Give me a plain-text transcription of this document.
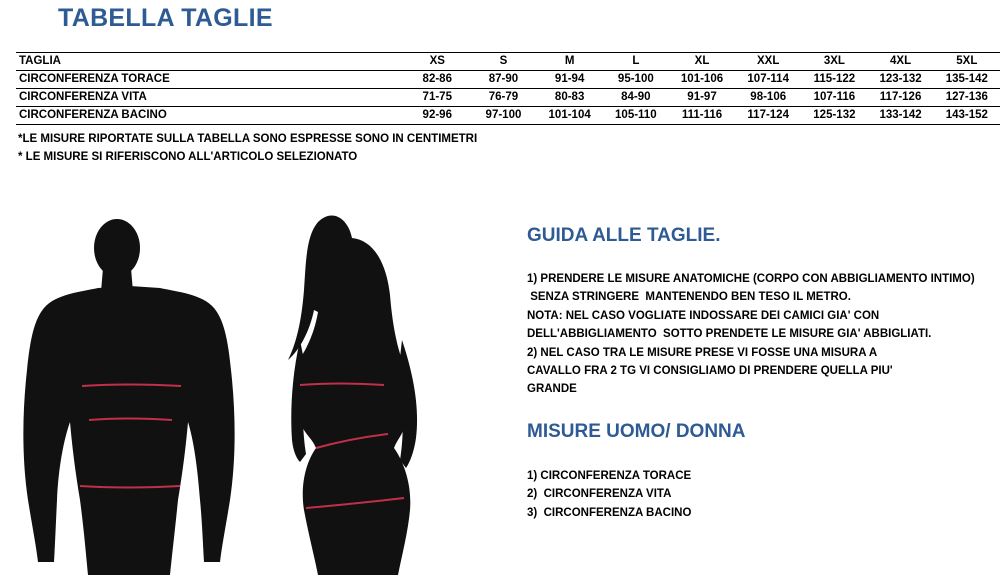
TABELLA TAGLIE
TAGLIA	XS	S	M	L	XL	XXL	3XL	4XL	5XL
CIRCONFERENZA TORACE	82-86	87-90	91-94	95-100	101-106	107-114	115-122	123-132	135-142
CIRCONFERENZA VITA	71-75	76-79	80-83	84-90	91-97	98-106	107-116	117-126	127-136
CIRCONFERENZA BACINO	92-96	97-100	101-104	105-110	111-116	117-124	125-132	133-142	143-152
*LE MISURE RIPORTATE SULLA TABELLA SONO ESPRESSE SONO IN CENTIMETRI
* LE MISURE SI RIFERISCONO ALL'ARTICOLO SELEZIONATO
GUIDA ALLE TAGLIE.
1) PRENDERE LE MISURE ANATOMICHE (CORPO CON ABBIGLIAMENTO INTIMO)
SENZA STRINGERE  MANTENENDO BEN TESO IL METRO.
NOTA: NEL CASO VOGLIATE INDOSSARE DEI CAMICI GIA' CON
DELL'ABBIGLIAMENTO  SOTTO PRENDETE LE MISURE GIA' ABBIGLIATI.
2) NEL CASO TRA LE MISURE PRESE VI FOSSE UNA MISURA A
CAVALLO FRA 2 TG VI CONSIGLIAMO DI PRENDERE QUELLA PIU'
GRANDE
MISURE UOMO/ DONNA
1) CIRCONFERENZA TORACE
2)  CIRCONFERENZA VITA
3)  CIRCONFERENZA BACINO
